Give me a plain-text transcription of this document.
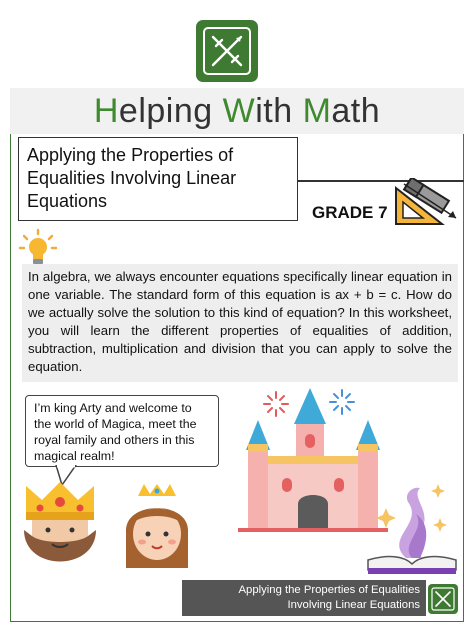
Helping With Math
Applying the Properties of Equalities Involving Linear Equations
GRADE 7
In algebra, we always encounter equations specifically linear equation in one variable. The standard form of this equation is ax + b = c. How do we actually solve the solution to this kind of equation? In this worksheet, you will learn the different properties of equalities of addition, subtraction, multiplication and division that you can apply to solve the equation.
I’m king Arty and welcome to the world of Magica, meet the royal family and others in this magical realm!
Applying the Properties of Equalities
Involving Linear Equations
